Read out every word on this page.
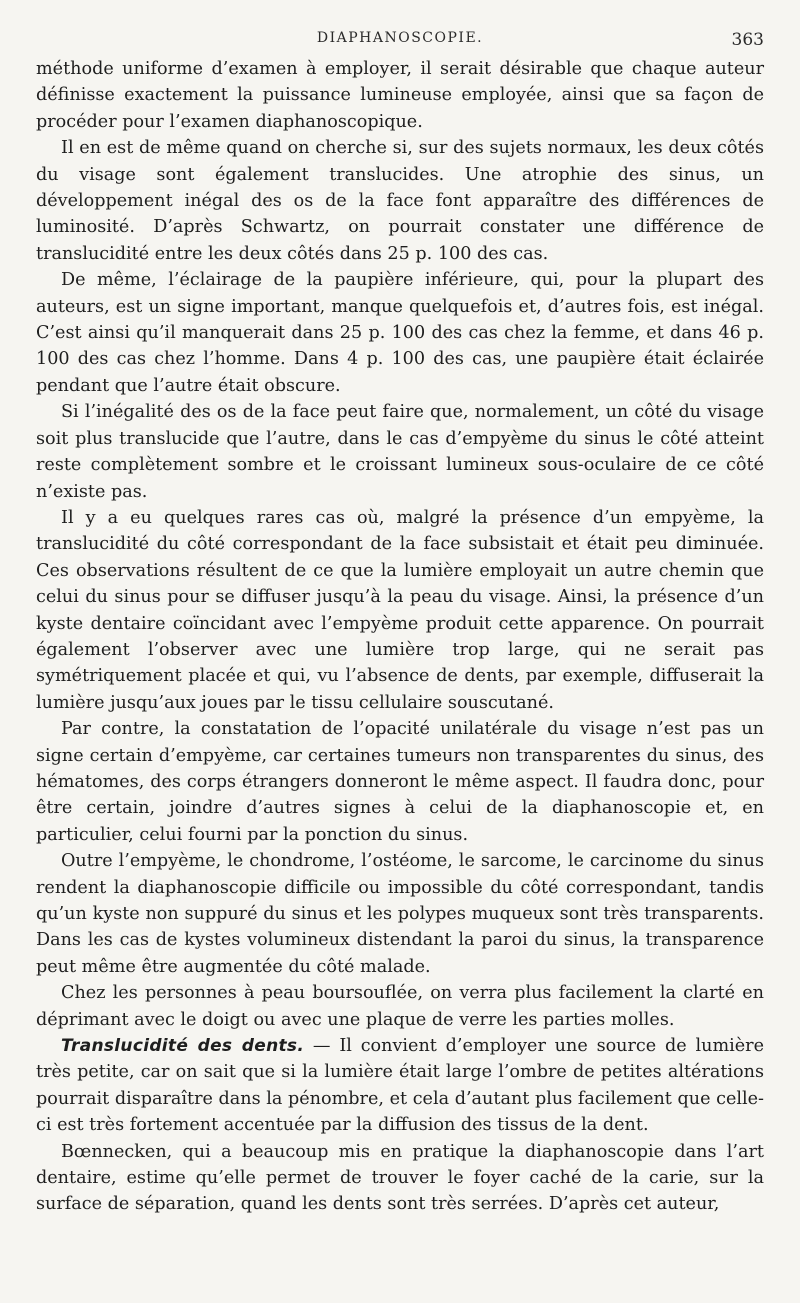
DIAPHANOSCOPIE.	363

méthode uniforme d’examen à employer, il serait désirable que chaque auteur définisse exactement la puissance lumineuse employée, ainsi que sa façon de procéder pour l’examen diaphanoscopique.

Il en est de même quand on cherche si, sur des sujets normaux, les deux côtés du visage sont également translucides. Une atrophie des sinus, un développement inégal des os de la face font apparaître des différences de luminosité. D’après Schwartz, on pourrait constater une différence de translucidité entre les deux côtés dans 25 p. 100 des cas.

De même, l’éclairage de la paupière inférieure, qui, pour la plupart des auteurs, est un signe important, manque quelquefois et, d’autres fois, est inégal. C’est ainsi qu’il manquerait dans 25 p. 100 des cas chez la femme, et dans 46 p. 100 des cas chez l’homme. Dans 4 p. 100 des cas, une paupière était éclairée pendant que l’autre était obscure.

Si l’inégalité des os de la face peut faire que, normalement, un côté du visage soit plus translucide que l’autre, dans le cas d’empyème du sinus le côté atteint reste complètement sombre et le croissant lumineux sous-oculaire de ce côté n’existe pas.

Il y a eu quelques rares cas où, malgré la présence d’un empyème, la translucidité du côté correspondant de la face subsistait et était peu diminuée. Ces observations résultent de ce que la lumière employait un autre chemin que celui du sinus pour se diffuser jusqu’à la peau du visage. Ainsi, la présence d’un kyste dentaire coïncidant avec l’empyème produit cette apparence. On pourrait également l’observer avec une lumière trop large, qui ne serait pas symétriquement placée et qui, vu l’absence de dents, par exemple, diffuserait la lumière jusqu’aux joues par le tissu cellulaire souscutané.

Par contre, la constatation de l’opacité unilatérale du visage n’est pas un signe certain d’empyème, car certaines tumeurs non transparentes du sinus, des hématomes, des corps étrangers donneront le même aspect. Il faudra donc, pour être certain, joindre d’autres signes à celui de la diaphanoscopie et, en particulier, celui fourni par la ponction du sinus.

Outre l’empyème, le chondrome, l’ostéome, le sarcome, le carcinome du sinus rendent la diaphanoscopie difficile ou impossible du côté correspondant, tandis qu’un kyste non suppuré du sinus et les polypes muqueux sont très transparents. Dans les cas de kystes volumineux distendant la paroi du sinus, la transparence peut même être augmentée du côté malade.

Chez les personnes à peau boursouflée, on verra plus facilement la clarté en déprimant avec le doigt ou avec une plaque de verre les parties molles.

Translucidité des dents. — Il convient d’employer une source de lumière très petite, car on sait que si la lumière était large l’ombre de petites altérations pourrait disparaître dans la pénombre, et cela d’autant plus facilement que celle-ci est très fortement accentuée par la diffusion des tissus de la dent.

Bœnnecken, qui a beaucoup mis en pratique la diaphanoscopie dans l’art dentaire, estime qu’elle permet de trouver le foyer caché de la carie, sur la surface de séparation, quand les dents sont très serrées. D’après cet auteur,
